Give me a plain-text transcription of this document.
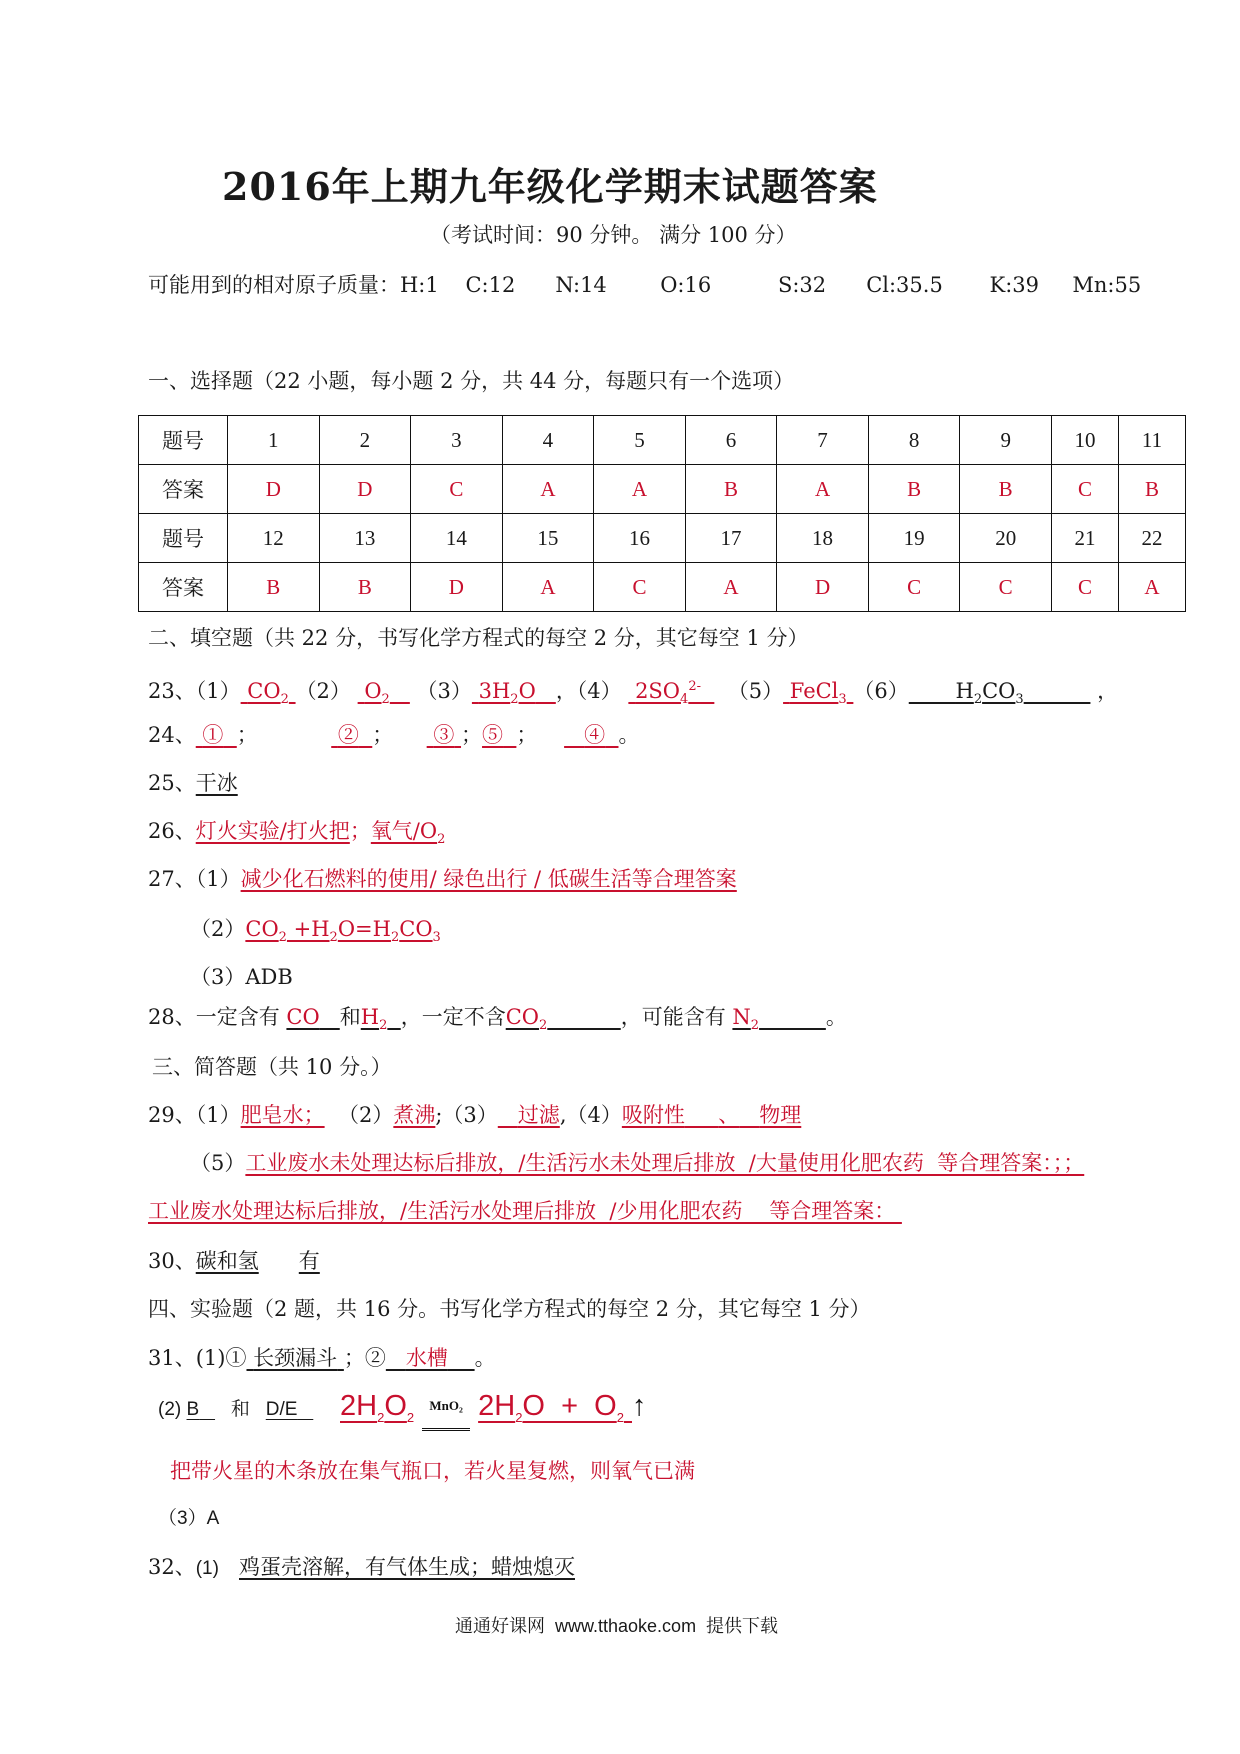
2016年上期九年级化学期末试题答案
（考试时间：90 分钟。 满分 100 分）
可能用到的相对原子质量：H:1    C:12      N:14        O:16          S:32      Cl:35.5       K:39     Mn:55
一、选择题（22 小题，每小题 2 分，共 44 分，每题只有一个选项）
题号	1	2	3	4	5	6	7	8	9	10	11
答案	D	D	C	A	A	B	A	B	B	C	B
题号	12	13	14	15	16	17	18	19	20	21	22
答案	B	B	D	A	C	A	D	C	C	C	A
二、填空题（共 22 分，书写化学方程式的每空 2 分，其它每空 1 分）
23、（1） $CO_2$ （2） $O_2$ （3） $3H_2O$ ，（4） $2SO_4^{2-}$ （5） FeCl$_3$ （6） $H_2CO_3$	，
24、 ① ；	② ； ③ ；⑤ ； ④ 。
25、干冰
26、灯火实验/打火把；氧气$/O_2$
27、（1）减少化石燃料的使用/ 绿色出行 / 低碳生活等合理答案
$(2)CO_2 +H_2O=H_2CO_3$
（3）ADB
28、一定含有 CO 和$H_2$ ，一定不含$CO_2$	，可能含有 $N_2$	。
三、简答题（共 10 分。）
29、（1）肥皂水； （2）煮沸;（3） 过滤,（4）吸附性 、 物理
（5）工业废水未处理达标后排放，/生活污水未处理后排放  /大量使用化肥农药  等合理答案：；；
工业废水处理达标后排放，/生活污水处理后排放  /少用化肥农药    等合理答案：
30、碳和氢 有
四、实验题（2 题，共 16 分。书写化学方程式的每空 2 分，其它每空 1 分）
31、(1)① 长颈漏斗 ；② 水槽 。
(2) B 和 D/E	$2H_2O_2$
MnO₂ $2H_2O + O_2$ ↑
把带火星的木条放在集气瓶口，若火星复燃，则氧气已满
（3）A
32、(1) 鸡蛋壳溶解，有气体生成；蜡烛熄灭
通通好课网  www.tthaoke.com  提供下载
